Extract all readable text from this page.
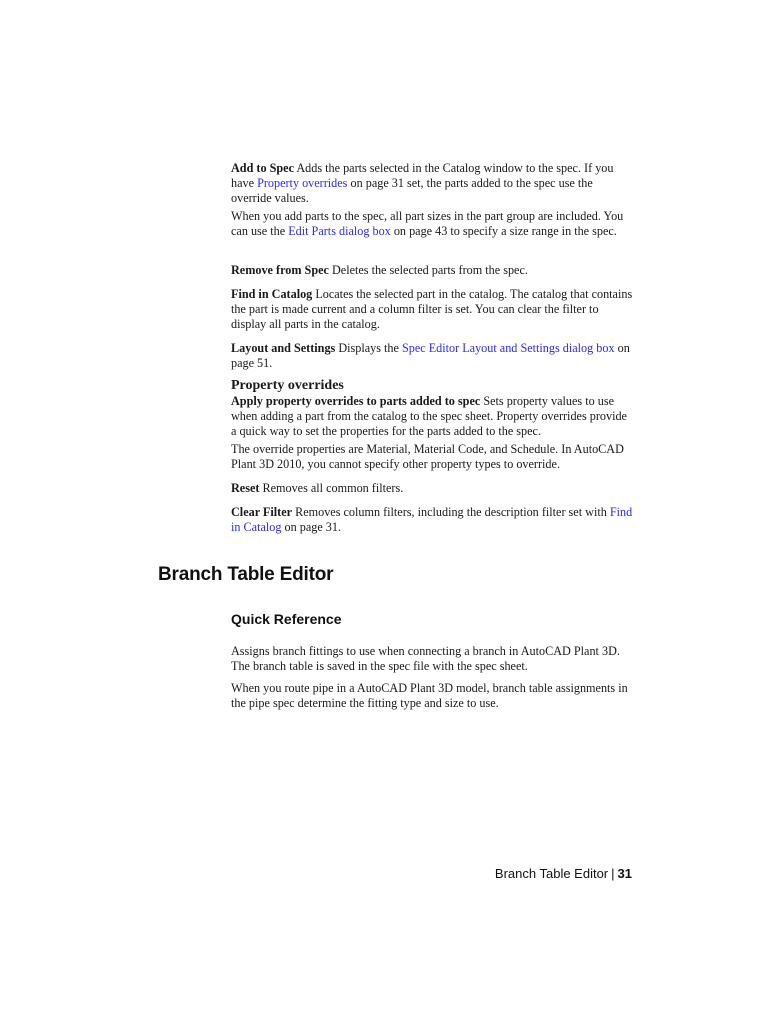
Add to Spec Adds the parts selected in the Catalog window to the spec. If you have Property overrides on page 31 set, the parts added to the spec use the override values.

When you add parts to the spec, all part sizes in the part group are included. You can use the Edit Parts dialog box on page 43 to specify a size range in the spec.

Remove from Spec Deletes the selected parts from the spec.

Find in Catalog Locates the selected part in the catalog. The catalog that contains the part is made current and a column filter is set. You can clear the filter to display all parts in the catalog.

Layout and Settings Displays the Spec Editor Layout and Settings dialog box on page 51.

Property overrides

Apply property overrides to parts added to spec Sets property values to use when adding a part from the catalog to the spec sheet. Property overrides provide a quick way to set the properties for the parts added to the spec.

The override properties are Material, Material Code, and Schedule. In AutoCAD Plant 3D 2010, you cannot specify other property types to override.

Reset Removes all common filters.

Clear Filter Removes column filters, including the description filter set with Find in Catalog on page 31.

Branch Table Editor
Quick Reference

Assigns branch fittings to use when connecting a branch in AutoCAD Plant 3D. The branch table is saved in the spec file with the spec sheet.

When you route pipe in a AutoCAD Plant 3D model, branch table assignments in the pipe spec determine the fitting type and size to use.

Branch Table Editor | 31
